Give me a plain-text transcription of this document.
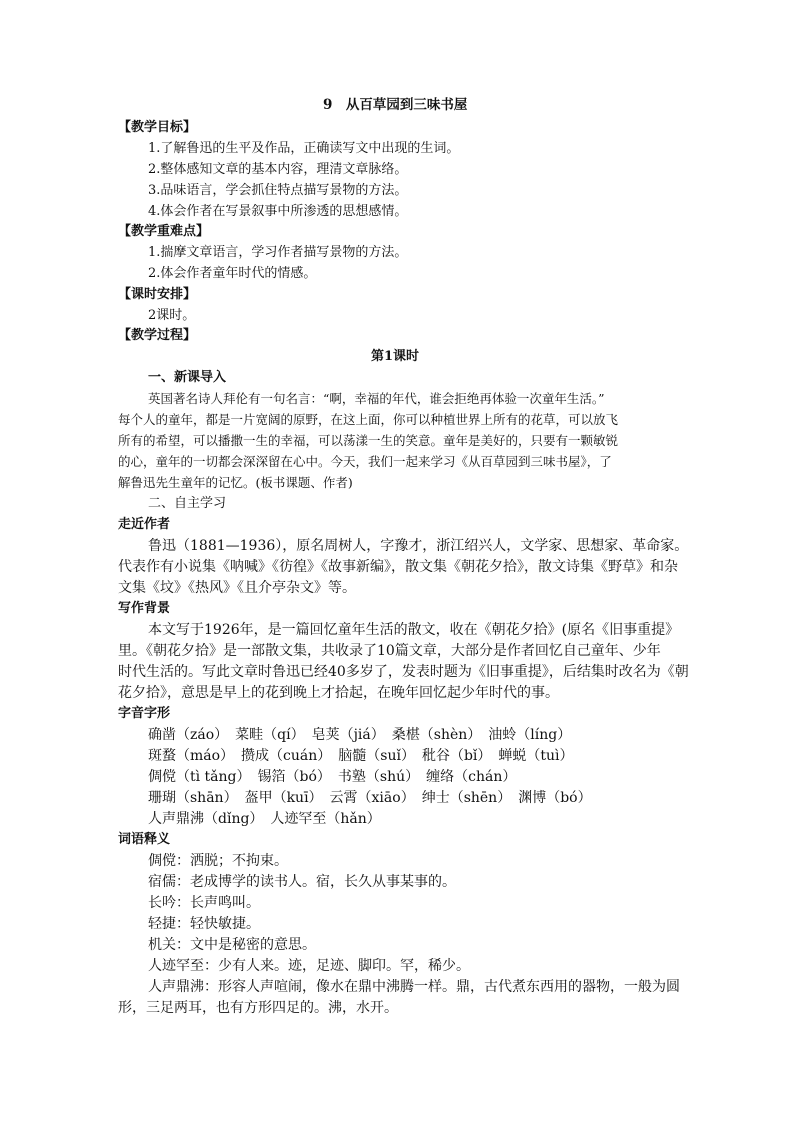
9　从百草园到三味书屋
【教学目标】
1.了解鲁迅的生平及作品，正确读写文中出现的生词。
2.整体感知文章的基本内容，理清文章脉络。
3.品味语言，学会抓住特点描写景物的方法。
4.体会作者在写景叙事中所渗透的思想感情。
【教学重难点】
1.揣摩文章语言，学习作者描写景物的方法。
2.体会作者童年时代的情感。
【课时安排】
2课时。
【教学过程】
第1课时
一、新课导入
英国著名诗人拜伦有一句名言：“啊，幸福的年代，谁会拒绝再体验一次童年生活。”
每个人的童年，都是一片宽阔的原野，在这上面，你可以种植世界上所有的花草，可以放飞
所有的希望，可以播撒一生的幸福，可以荡漾一生的笑意。童年是美好的，只要有一颗敏锐
的心，童年的一切都会深深留在心中。今天，我们一起来学习《从百草园到三味书屋》，了
解鲁迅先生童年的记忆。(板书课题、作者)
二、自主学习
走近作者
鲁迅（1881—1936），原名周树人，字豫才，浙江绍兴人，文学家、思想家、革命家。
代表作有小说集《呐喊》《彷徨》《故事新编》，散文集《朝花夕拾》，散文诗集《野草》和杂
文集《坟》《热风》《且介亭杂文》等。
写作背景
本文写于1926年，是一篇回忆童年生活的散文，收在《朝花夕拾》(原名《旧事重提》
里。《朝花夕拾》是一部散文集，共收录了10篇文章，大部分是作者回忆自己童年、少年
时代生活的。写此文章时鲁迅已经40多岁了，发表时题为《旧事重提》，后结集时改名为《朝
花夕拾》，意思是早上的花到晚上才拾起，在晚年回忆起少年时代的事。
字音字形
确凿（záo）　菜畦（qí）　皂荚（jiá）　桑椹（shèn）　油蛉（líng）
斑蝥（máo）　攒成（cuán）　脑髓（suǐ）　秕谷（bǐ）　蝉蜕（tuì）
倜傥（tì tǎng）　锡箔（bó）　书塾（shú）　缠络（chán）
珊瑚（shān）　盔甲（kuī）　云霄（xiāo）　绅士（shēn）　渊博（bó）
人声鼎沸（dǐng）　人迹罕至（hǎn）
词语释义
倜傥：洒脱；不拘束。
宿儒：老成博学的读书人。宿，长久从事某事的。
长吟：长声鸣叫。
轻捷：轻快敏捷。
机关：文中是秘密的意思。
人迹罕至：少有人来。迹，足迹、脚印。罕，稀少。
人声鼎沸：形容人声喧闹，像水在鼎中沸腾一样。鼎，古代煮东西用的器物，一般为圆
形，三足两耳，也有方形四足的。沸，水开。
